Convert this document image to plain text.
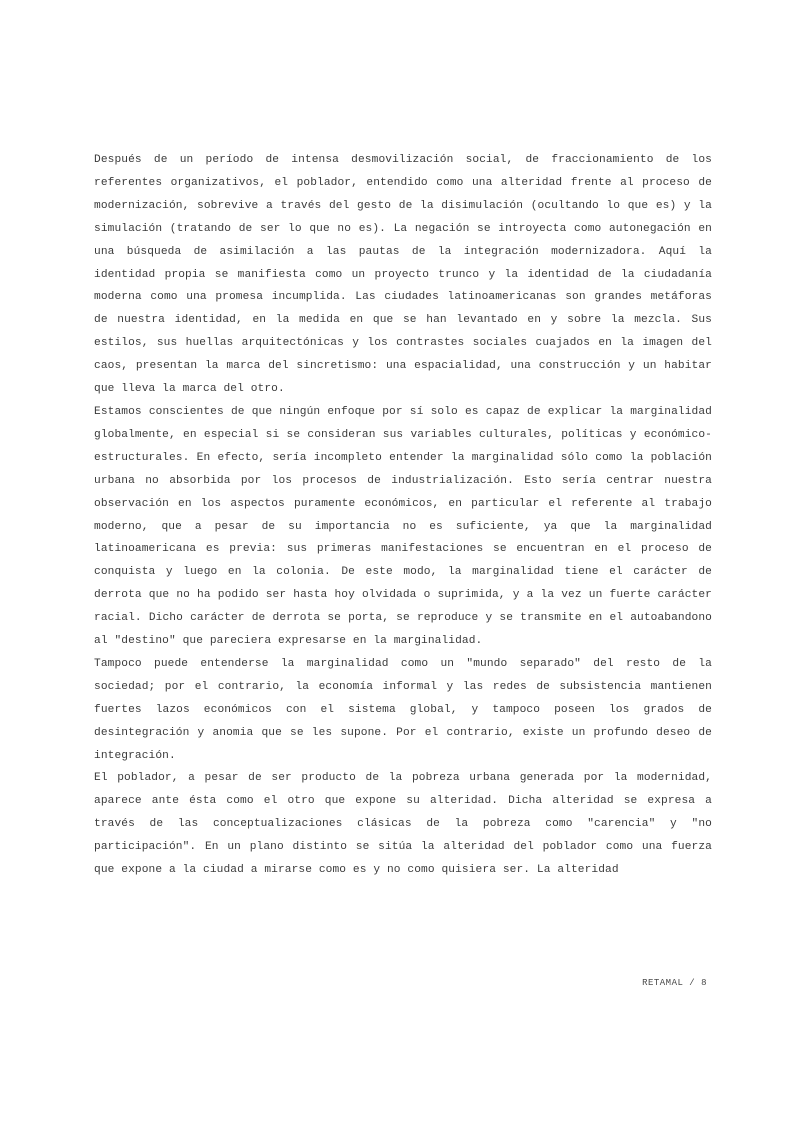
Después de un período de intensa desmovilización social, de fraccionamiento de los referentes organizativos, el poblador, entendido como una alteridad frente al proceso de modernización, sobrevive a través del gesto de la disimulación (ocultando lo que es) y la simulación (tratando de ser lo que no es). La negación se introyecta como autonegación en una búsqueda de asimilación a las pautas de la integración modernizadora. Aquí la identidad propia se manifiesta como un proyecto trunco y la identidad de la ciudadanía moderna como una promesa incumplida. Las ciudades latinoamericanas son grandes metáforas de nuestra identidad, en la medida en que se han levantado en y sobre la mezcla. Sus estilos, sus huellas arquitectónicas y los contrastes sociales cuajados en la imagen del caos, presentan la marca del sincretismo: una espacialidad, una construcción y un habitar que lleva la marca del otro.

Estamos conscientes de que ningún enfoque por sí solo es capaz de explicar la marginalidad globalmente, en especial si se consideran sus variables culturales, políticas y económico-estructurales. En efecto, sería incompleto entender la marginalidad sólo como la población urbana no absorbida por los procesos de industrialización. Esto sería centrar nuestra observación en los aspectos puramente económicos, en particular el referente al trabajo moderno, que a pesar de su importancia no es suficiente, ya que la marginalidad latinoamericana es previa: sus primeras manifestaciones se encuentran en el proceso de conquista y luego en la colonia. De este modo, la marginalidad tiene el carácter de derrota que no ha podido ser hasta hoy olvidada o suprimida, y a la vez un fuerte carácter racial. Dicho carácter de derrota se porta, se reproduce y se transmite en el autoabandono al "destino" que pareciera expresarse en la marginalidad.

Tampoco puede entenderse la marginalidad como un "mundo separado" del resto de la sociedad; por el contrario, la economía informal y las redes de subsistencia mantienen fuertes lazos económicos con el sistema global, y tampoco poseen los grados de desintegración y anomia que se les supone. Por el contrario, existe un profundo deseo de integración.

El poblador, a pesar de ser producto de la pobreza urbana generada por la modernidad, aparece ante ésta como el otro que expone su alteridad. Dicha alteridad se expresa a través de las conceptualizaciones clásicas de la pobreza como "carencia" y "no participación". En un plano distinto se sitúa la alteridad del poblador como una fuerza que expone a la ciudad a mirarse como es y no como quisiera ser. La alteridad

RETAMAL / 8
